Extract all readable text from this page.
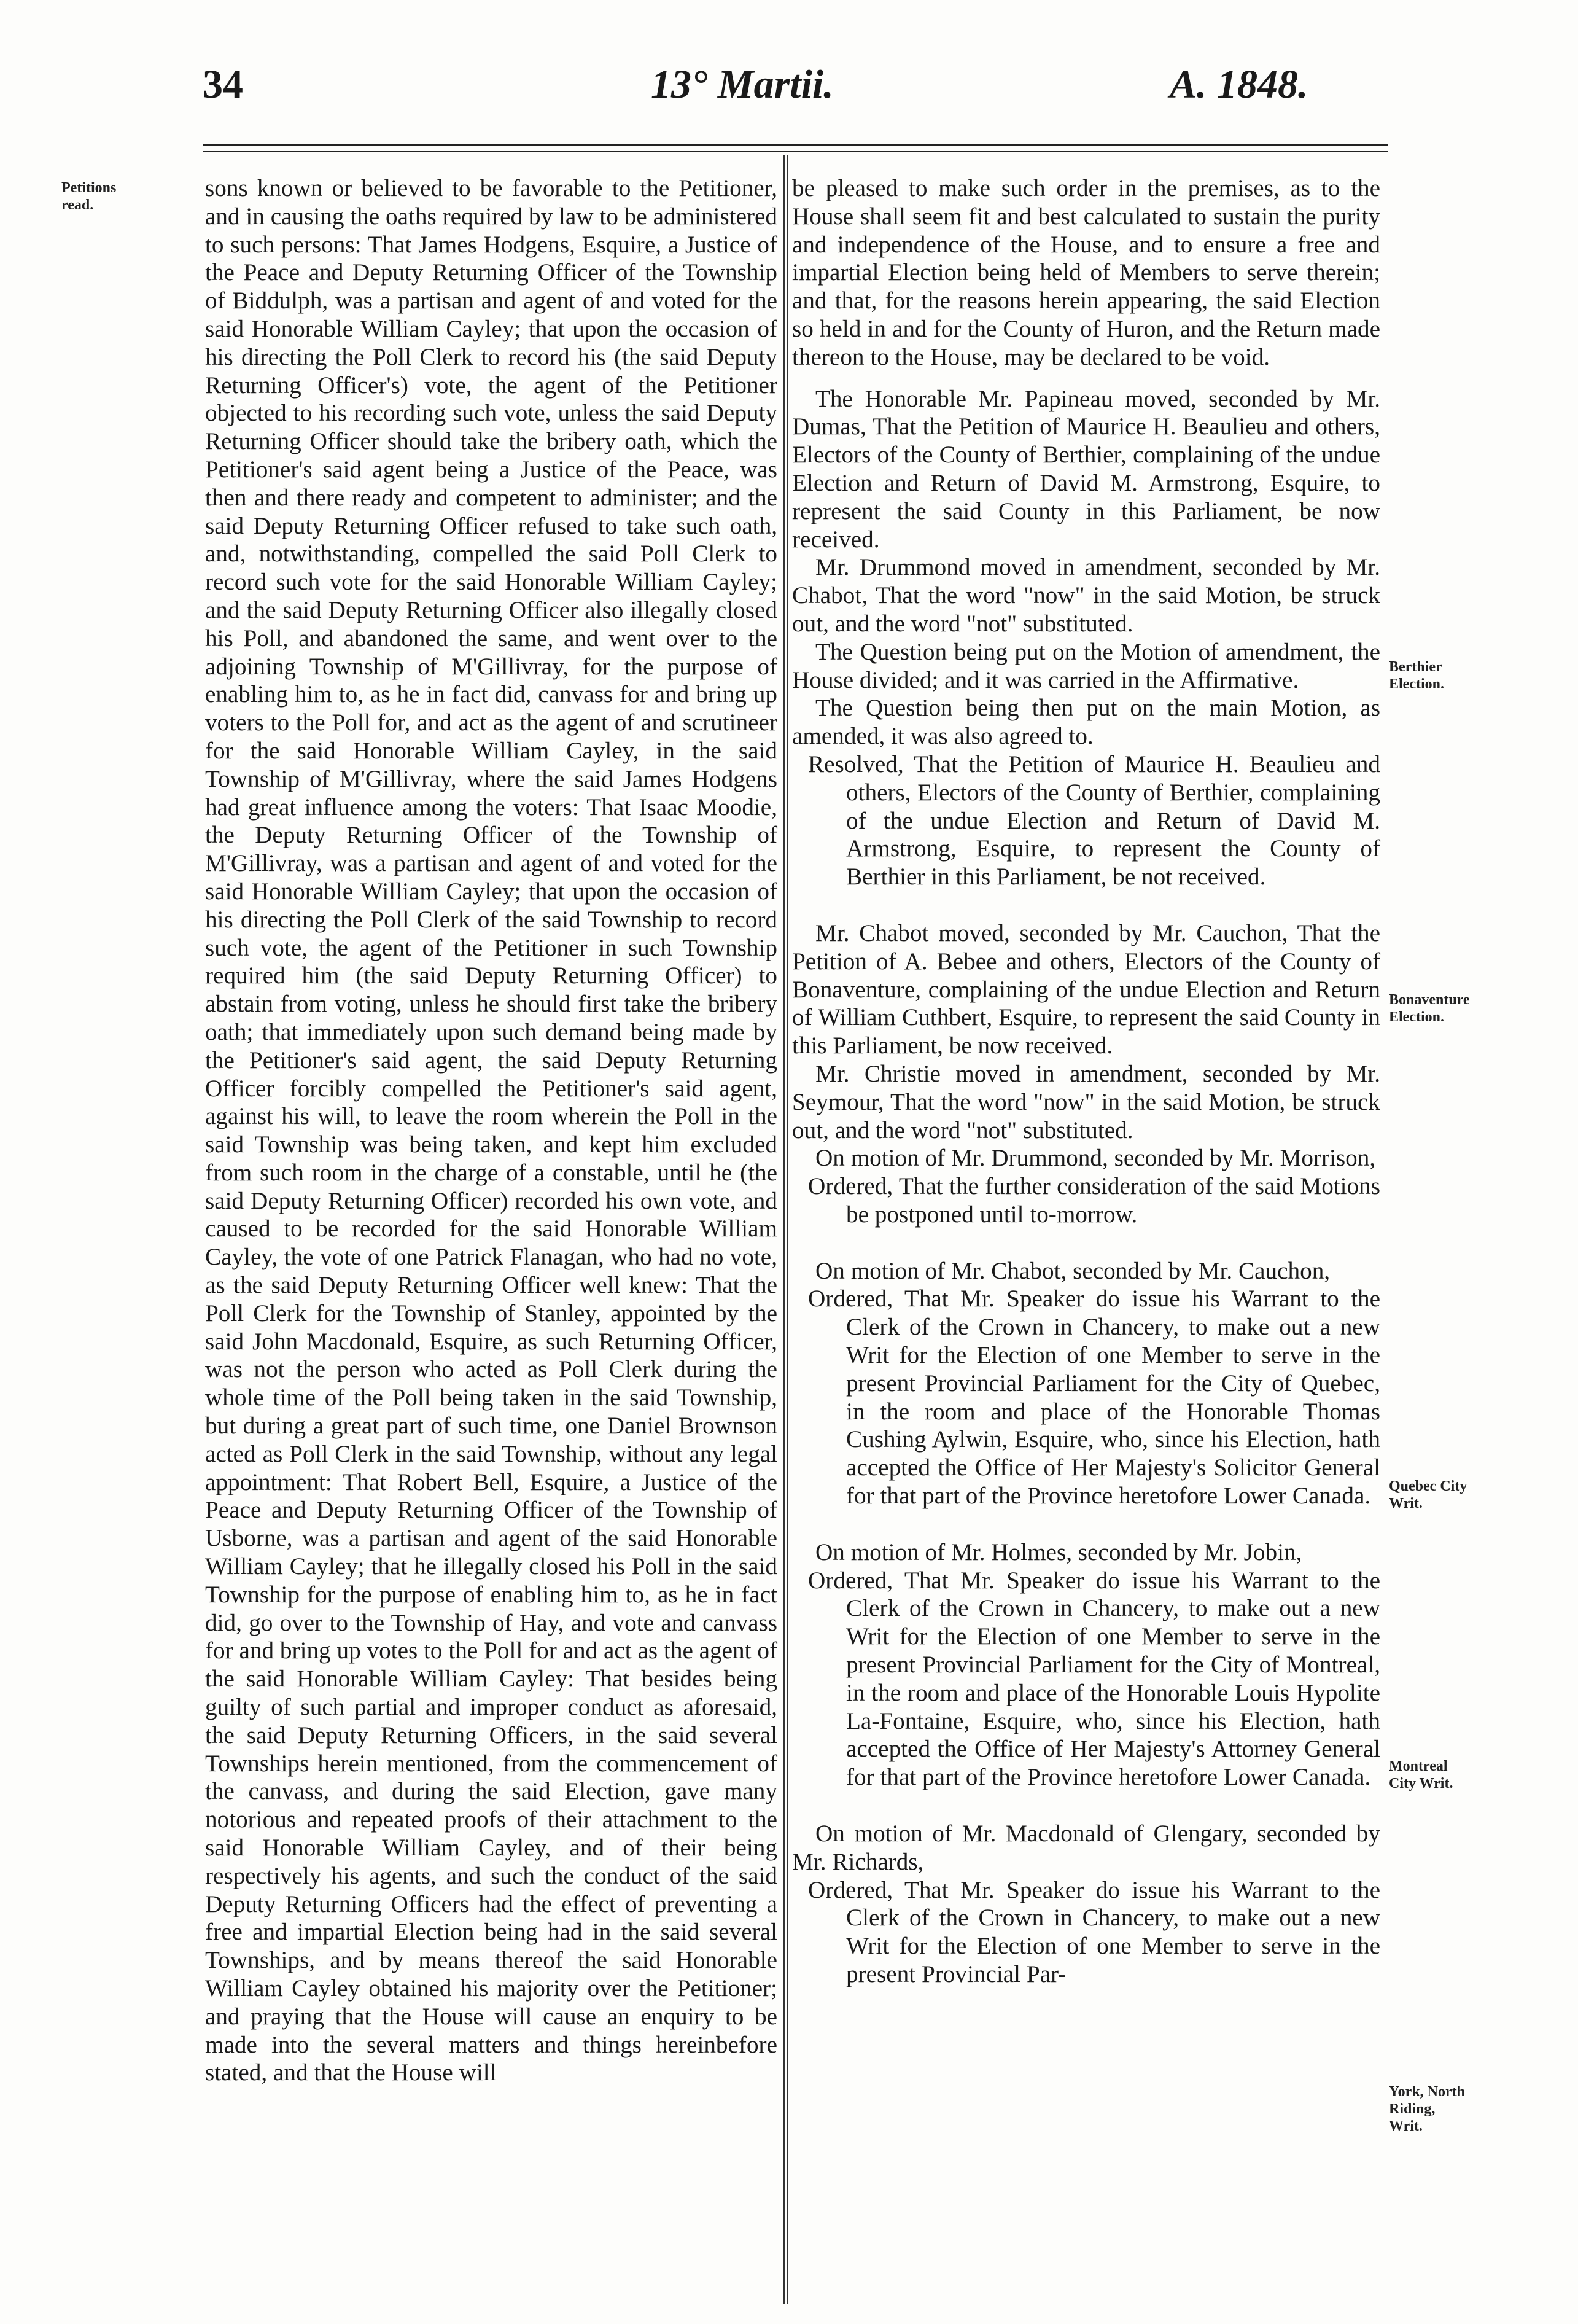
34	13° Martii.	A. 1848.
Petitions read.
Berthier Election.
Bonaventure Election.
Quebec City Writ.
Montreal City Writ.
York, North Riding, Writ.

sons known or believed to be favorable to the Petitioner, and in causing the oaths required by law to be administered to such persons: That James Hodgens, Esquire, a Justice of the Peace and Deputy Returning Officer of the Township of Biddulph, was a partisan and agent of and voted for the said Honorable William Cayley; that upon the occasion of his directing the Poll Clerk to record his (the said Deputy Returning Officer's) vote, the agent of the Petitioner objected to his recording such vote, unless the said Deputy Returning Officer should take the bribery oath, which the Petitioner's said agent being a Justice of the Peace, was then and there ready and competent to administer; and the said Deputy Returning Officer refused to take such oath, and, notwithstanding, compelled the said Poll Clerk to record such vote for the said Honorable William Cayley; and the said Deputy Returning Officer also illegally closed his Poll, and abandoned the same, and went over to the adjoining Township of M'Gillivray, for the purpose of enabling him to, as he in fact did, canvass for and bring up voters to the Poll for, and act as the agent of and scrutineer for the said Honorable William Cayley, in the said Township of M'Gillivray, where the said James Hodgens had great influence among the voters: That Isaac Moodie, the Deputy Returning Officer of the Township of M'Gillivray, was a partisan and agent of and voted for the said Honorable William Cayley; that upon the occasion of his directing the Poll Clerk of the said Township to record such vote, the agent of the Petitioner in such Township required him (the said Deputy Returning Officer) to abstain from voting, unless he should first take the bribery oath; that immediately upon such demand being made by the Petitioner's said agent, the said Deputy Returning Officer forcibly compelled the Petitioner's said agent, against his will, to leave the room wherein the Poll in the said Township was being taken, and kept him excluded from such room in the charge of a constable, until he (the said Deputy Returning Officer) recorded his own vote, and caused to be recorded for the said Honorable William Cayley, the vote of one Patrick Flanagan, who had no vote, as the said Deputy Returning Officer well knew: That the Poll Clerk for the Township of Stanley, appointed by the said John Macdonald, Esquire, as such Returning Officer, was not the person who acted as Poll Clerk during the whole time of the Poll being taken in the said Township, but during a great part of such time, one Daniel Brownson acted as Poll Clerk in the said Township, without any legal appointment: That Robert Bell, Esquire, a Justice of the Peace and Deputy Returning Officer of the Township of Usborne, was a partisan and agent of the said Honorable William Cayley; that he illegally closed his Poll in the said Township for the purpose of enabling him to, as he in fact did, go over to the Township of Hay, and vote and canvass for and bring up votes to the Poll for and act as the agent of the said Honorable William Cayley: That besides being guilty of such partial and improper conduct as aforesaid, the said Deputy Returning Officers, in the said several Townships herein mentioned, from the commencement of the canvass, and during the said Election, gave many notorious and repeated proofs of their attachment to the said Honorable William Cayley, and of their being respectively his agents, and such the conduct of the said Deputy Returning Officers had the effect of preventing a free and impartial Election being had in the said several Townships, and by means thereof the said Honorable William Cayley obtained his majority over the Petitioner; and praying that the House will cause an enquiry to be made into the several matters and things hereinbefore stated, and that the House will

be pleased to make such order in the premises, as to the House shall seem fit and best calculated to sustain the purity and independence of the House, and to ensure a free and impartial Election being held of Members to serve therein; and that, for the reasons herein appearing, the said Election so held in and for the County of Huron, and the Return made thereon to the House, may be declared to be void.

The Honorable Mr. Papineau moved, seconded by Mr. Dumas, That the Petition of Maurice H. Beaulieu and others, Electors of the County of Berthier, complaining of the undue Election and Return of David M. Armstrong, Esquire, to represent the said County in this Parliament, be now received.

Mr. Drummond moved in amendment, seconded by Mr. Chabot, That the word "now" in the said Motion, be struck out, and the word "not" substituted.

The Question being put on the Motion of amendment, the House divided; and it was carried in the Affirmative.

The Question being then put on the main Motion, as amended, it was also agreed to.

Resolved, That the Petition of Maurice H. Beaulieu and others, Electors of the County of Berthier, complaining of the undue Election and Return of David M. Armstrong, Esquire, to represent the County of Berthier in this Parliament, be not received.

Mr. Chabot moved, seconded by Mr. Cauchon, That the Petition of A. Bebee and others, Electors of the County of Bonaventure, complaining of the undue Election and Return of William Cuthbert, Esquire, to represent the said County in this Parliament, be now received.

Mr. Christie moved in amendment, seconded by Mr. Seymour, That the word "now" in the said Motion, be struck out, and the word "not" substituted.

On motion of Mr. Drummond, seconded by Mr. Morrison,

Ordered, That the further consideration of the said Motions be postponed until to-morrow.

On motion of Mr. Chabot, seconded by Mr. Cauchon,

Ordered, That Mr. Speaker do issue his Warrant to the Clerk of the Crown in Chancery, to make out a new Writ for the Election of one Member to serve in the present Provincial Parliament for the City of Quebec, in the room and place of the Honorable Thomas Cushing Aylwin, Esquire, who, since his Election, hath accepted the Office of Her Majesty's Solicitor General for that part of the Province heretofore Lower Canada.

On motion of Mr. Holmes, seconded by Mr. Jobin,

Ordered, That Mr. Speaker do issue his Warrant to the Clerk of the Crown in Chancery, to make out a new Writ for the Election of one Member to serve in the present Provincial Parliament for the City of Montreal, in the room and place of the Honorable Louis Hypolite La-Fontaine, Esquire, who, since his Election, hath accepted the Office of Her Majesty's Attorney General for that part of the Province heretofore Lower Canada.

On motion of Mr. Macdonald of Glengary, seconded by Mr. Richards,

Ordered, That Mr. Speaker do issue his Warrant to the Clerk of the Crown in Chancery, to make out a new Writ for the Election of one Member to serve in the present Provincial Par-
